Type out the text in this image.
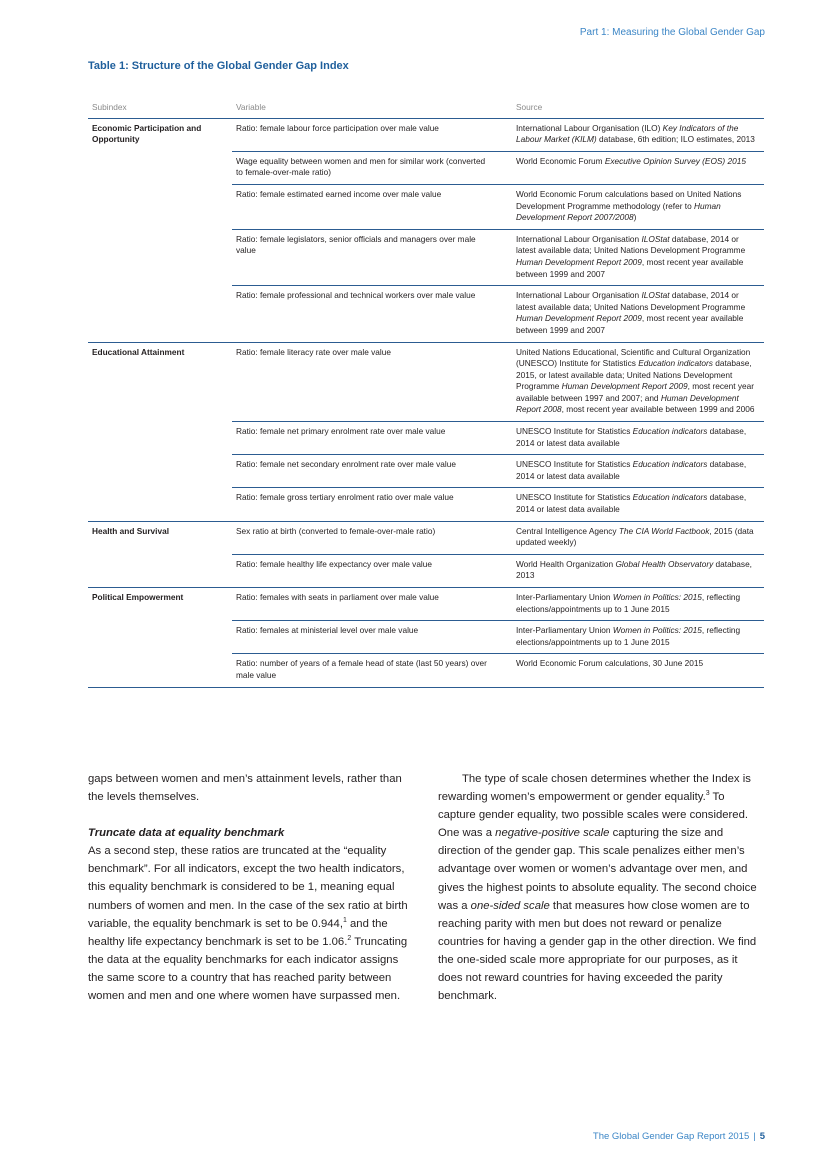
Part 1: Measuring the Global Gender Gap
Table 1: Structure of the Global Gender Gap Index
Subindex	Variable	Source
Economic Participation and Opportunity	Ratio: female labour force participation over male value	International Labour Organisation (ILO) Key Indicators of the Labour Market (KILM) database, 6th edition; ILO estimates, 2013
	Wage equality between women and men for similar work (converted to female-over-male ratio)	World Economic Forum Executive Opinion Survey (EOS) 2015
	Ratio: female estimated earned income over male value	World Economic Forum calculations based on United Nations Development Programme methodology (refer to Human Development Report 2007/2008)
	Ratio: female legislators, senior officials and managers over male value	International Labour Organisation ILOStat database, 2014 or latest available data; United Nations Development Programme Human Development Report 2009, most recent year available between 1999 and 2007
	Ratio: female professional and technical workers over male value	International Labour Organisation ILOStat database, 2014 or latest available data; United Nations Development Programme Human Development Report 2009, most recent year available between 1999 and 2007
Educational Attainment	Ratio: female literacy rate over male value	United Nations Educational, Scientific and Cultural Organization (UNESCO) Institute for Statistics Education indicators database, 2015, or latest available data; United Nations Development Programme Human Development Report 2009, most recent year available between 1997 and 2007; and Human Development Report 2008, most recent year available between 1999 and 2006
	Ratio: female net primary enrolment rate over male value	UNESCO Institute for Statistics Education indicators database, 2014 or latest data available
	Ratio: female net secondary enrolment rate over male value	UNESCO Institute for Statistics Education indicators database, 2014 or latest data available
	Ratio: female gross tertiary enrolment ratio over male value	UNESCO Institute for Statistics Education indicators database, 2014 or latest data available
Health and Survival	Sex ratio at birth (converted to female-over-male ratio)	Central Intelligence Agency The CIA World Factbook, 2015 (data updated weekly)
	Ratio: female healthy life expectancy over male value	World Health Organization Global Health Observatory database, 2013
Political Empowerment	Ratio: females with seats in parliament over male value	Inter-Parliamentary Union Women in Politics: 2015, reflecting elections/appointments up to 1 June 2015
	Ratio: females at ministerial level over male value	Inter-Parliamentary Union Women in Politics: 2015, reflecting elections/appointments up to 1 June 2015
	Ratio: number of years of a female head of state (last 50 years) over male value	World Economic Forum calculations, 30 June 2015

gaps between women and men’s attainment levels, rather than the levels themselves.

Truncate data at equality benchmark

As a second step, these ratios are truncated at the “equality benchmark”. For all indicators, except the two health indicators, this equality benchmark is considered to be 1, meaning equal numbers of women and men. In the case of the sex ratio at birth variable, the equality benchmark is set to be 0.944,$^1$ and the healthy life expectancy benchmark is set to be 1.06.$^2$ Truncating the data at the equality benchmarks for each indicator assigns the same score to a country that has reached parity between women and men and one where women have surpassed men.

The type of scale chosen determines whether the Index is rewarding women’s empowerment or gender equality.$^3$ To capture gender equality, two possible scales were considered. One was a negative-positive scale capturing the size and direction of the gender gap. This scale penalizes either men’s advantage over women or women’s advantage over men, and gives the highest points to absolute equality. The second choice was a one-sided scale that measures how close women are to reaching parity with men but does not reward or penalize countries for having a gender gap in the other direction. We find the one-sided scale more appropriate for our purposes, as it does not reward countries for having exceeded the parity benchmark.

The Global Gender Gap Report 2015 | 5
